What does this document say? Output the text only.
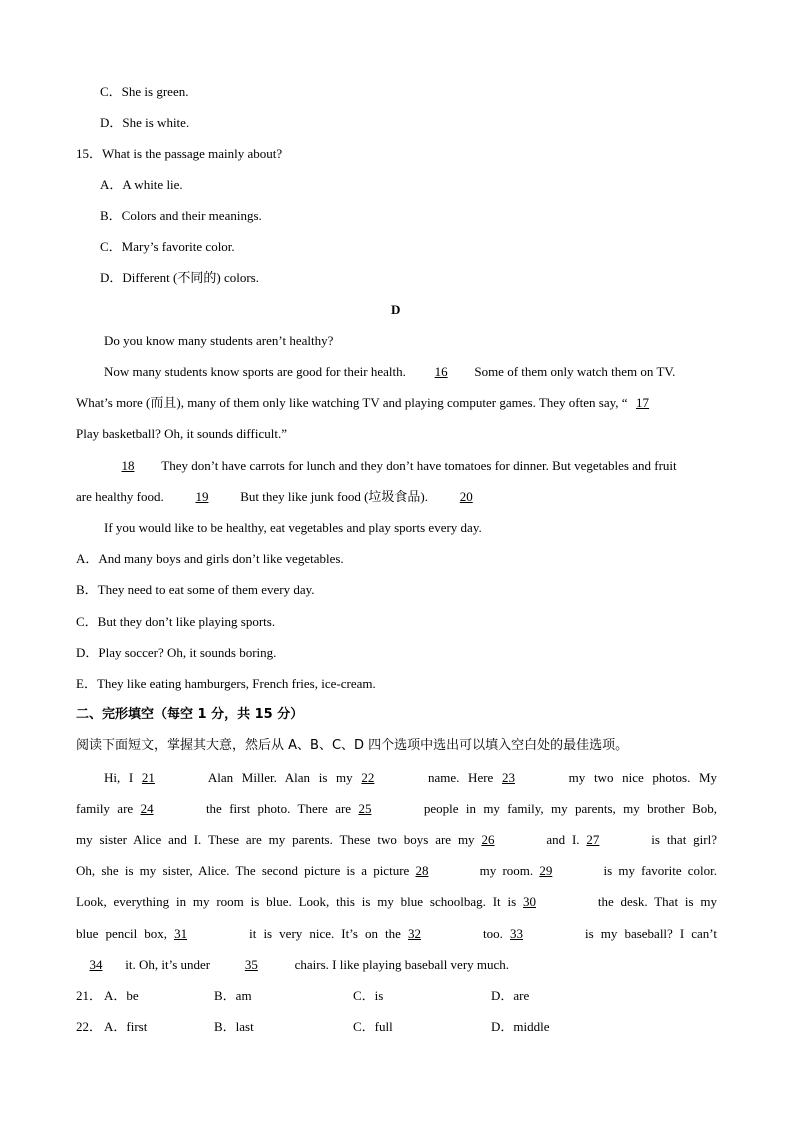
C．She is green.
D．She is white.
15．What is the passage mainly about?
A．A white lie.
B．Colors and their meanings.
C．Mary’s favorite color.
D．Different (不同的) colors.
D
Do you know many students aren’t healthy?
Now many students know sports are good for their health. 16 Some of them only watch them on TV.
What’s more (而且), many of them only like watching TV and playing computer games. They often say, “ 17
Play basketball? Oh, it sounds difficult.”
18 They don’t have carrots for lunch and they don’t have tomatoes for dinner. But vegetables and fruit
are healthy food. 19 But they like junk food (垃圾食品). 20
If you would like to be healthy, eat vegetables and play sports every day.
A．And many boys and girls don’t like vegetables.
B．They need to eat some of them every day.
C．But they don’t like playing sports.
D．Play soccer? Oh, it sounds boring.
E．They like eating hamburgers, French fries, ice-cream.
二、完形填空（每空 1 分，共 15 分）
阅读下面短文，掌握其大意，然后从 A、B、C、D 四个选项中选出可以填入空白处的最佳选项。
Hi, I 21	Alan Miller. Alan is my 22	name. Here 23	my two nice photos. My
family are 24	the first photo. There are 25	people in my family, my parents, my brother Bob,
my sister Alice and I. These are my parents. These two boys are my 26	and I. 27	is that girl?
Oh, she is my sister, Alice. The second picture is a picture 28	my room. 29	is my favorite color.
Look, everything in my room is blue. Look, this is my blue schoolbag. It is 30	the desk. That is my
blue pencil box, 31	it is very nice. It’s on the 32	too. 33	is my baseball? I can’t
34 it. Oh, it’s under	35	chairs. I like playing baseball very much.
21． A．be	B．am	C．is	D．are
22． A．first	B．last	C．full	D．middle
